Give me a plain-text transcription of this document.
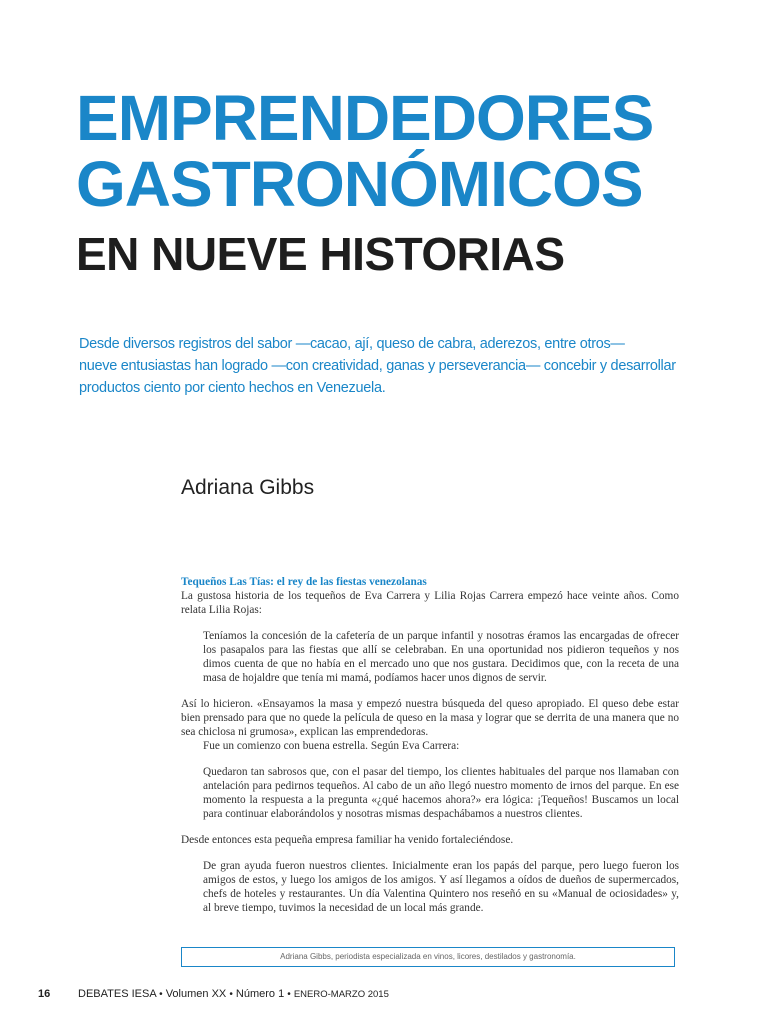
EMPRENDEDORES
GASTRONÓMICOS
EN NUEVE HISTORIAS
Desde diversos registros del sabor —cacao, ají, queso de cabra, aderezos, entre otros—
nueve entusiastas han logrado —con creatividad, ganas y perseverancia— concebir y desarrollar
productos ciento por ciento hechos en Venezuela.
Adriana Gibbs

Tequeños Las Tías: el rey de las fiestas venezolanas

La gustosa historia de los tequeños de Eva Carrera y Lilia Rojas Carrera empezó hace veinte años. Como relata Lilia Rojas:

Teníamos la concesión de la cafetería de un parque infantil y nosotras éramos las encargadas de ofrecer los pasapalos para las fiestas que allí se celebraban. En una oportunidad nos pidieron tequeños y nos dimos cuenta de que no había en el mercado uno que nos gustara. Decidimos que, con la receta de una masa de hojaldre que tenía mi mamá, podíamos hacer unos dignos de servir.

Así lo hicieron. «Ensayamos la masa y empezó nuestra búsqueda del queso apropiado. El queso debe estar bien prensado para que no quede la película de queso en la masa y lograr que se derrita de una manera que no sea chiclosa ni grumosa», explican las emprendedoras.

Fue un comienzo con buena estrella. Según Eva Carrera:

Quedaron tan sabrosos que, con el pasar del tiempo, los clientes habituales del parque nos llamaban con antelación para pedirnos tequeños. Al cabo de un año llegó nuestro momento de irnos del parque. En ese momento la respuesta a la pregunta «¿qué hacemos ahora?» era lógica: ¡Tequeños! Buscamos un local para continuar elaborándolos y nosotras mismas despachábamos a nuestros clientes.

Desde entonces esta pequeña empresa familiar ha venido fortaleciéndose.

De gran ayuda fueron nuestros clientes. Inicialmente eran los papás del parque, pero luego fueron los amigos de estos, y luego los amigos de los amigos. Y así llegamos a oídos de dueños de supermercados, chefs de hoteles y restaurantes. Un día Valentina Quintero nos reseñó en su «Manual de ociosidades» y, al breve tiempo, tuvimos la necesidad de un local más grande.

Adriana Gibbs, periodista especializada en vinos, licores, destilados y gastronomía.
16	DEBATES IESA • Volumen XX • Número 1 • ENERO-MARZO 2015
